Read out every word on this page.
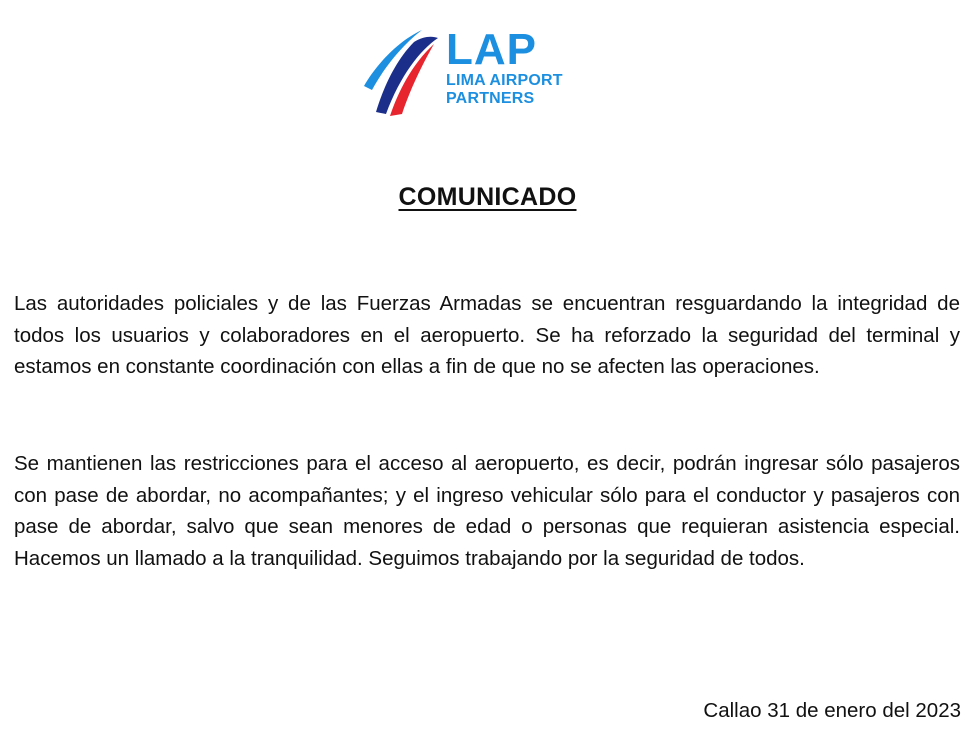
LAP
LIMA AIRPORT
PARTNERS
COMUNICADO

Las autoridades policiales y de las Fuerzas Armadas se encuentran resguardando la integridad de todos los usuarios y colaboradores en el aeropuerto. Se ha reforzado la seguridad del terminal y estamos en constante coordinación con ellas a fin de que no se afecten las operaciones.

Se mantienen las restricciones para el acceso al aeropuerto, es decir, podrán ingresar sólo pasajeros con pase de abordar, no acompañantes; y el ingreso vehicular sólo para el conductor y pasajeros con pase de abordar, salvo que sean menores de edad o personas que requieran asistencia especial. Hacemos un llamado a la tranquilidad. Seguimos trabajando por la seguridad de todos.

Callao 31 de enero del 2023
